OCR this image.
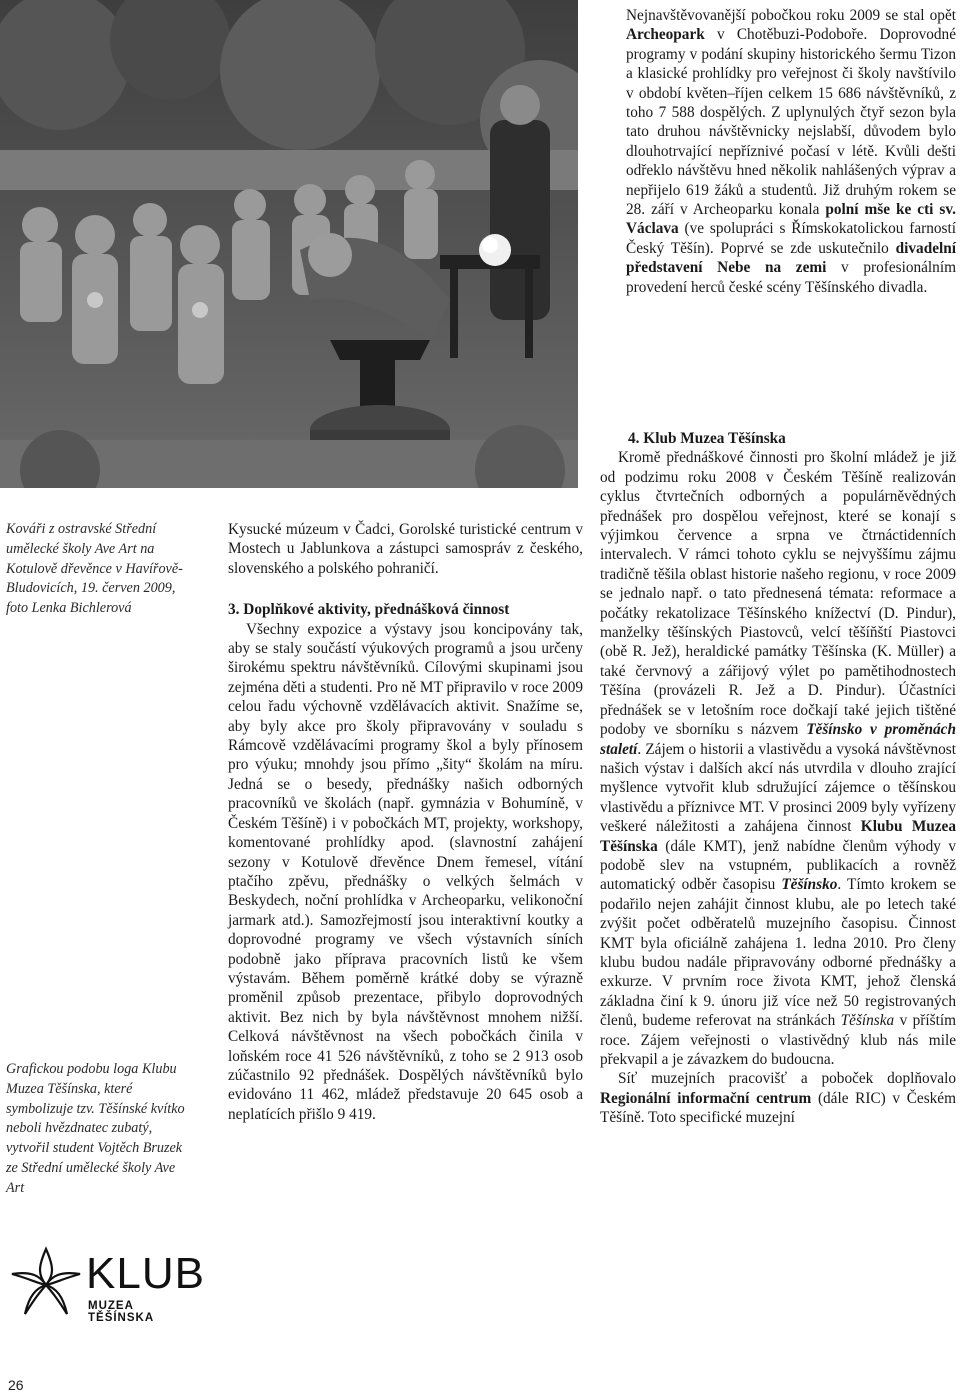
Nejnavštěvovanější pobočkou roku 2009 se stal opět Archeopark v Chotěbuzi-Podoboře. Doprovodné programy v podání skupiny historického šermu Tizon a klasické prohlídky pro veřejnost či školy navštívilo v období květen–říjen celkem 15 686 návštěvníků, z toho 7 588 dospělých. Z uplynulých čtyř sezon byla tato druhou návštěvnicky nejslabší, důvodem bylo dlouhotrvající nepříznivé počasí v létě. Kvůli dešti odřeklo návštěvu hned několik nahlášených výprav a nepřijelo 619 žáků a studentů. Již druhým rokem se 28. září v Archeoparku konala polní mše ke cti sv. Václava (ve spolupráci s Římskokatolickou farností Český Těšín). Poprvé se zde uskutečnilo divadelní představení Nebe na zemi v profesionálním provedení herců české scény Těšínského divadla.

Kováři z ostravské Střední umělecké školy Ave Art na Kotulově dřevěnce v Havířově-Bludovicích, 19. červen 2009, foto Lenka Bichlerová

Grafickou podobu loga Klubu Muzea Těšínska, které symbolizuje tzv. Těšínské kvítko neboli hvězdnatec zubatý, vytvořil student Vojtěch Bruzek ze Střední umělecké školy Ave Art

KLUB
MUZEA TĚŠÍNSKA

Kysucké múzeum v Čadci, Gorolské turistické centrum v Mostech u Jablunkova a zástupci samospráv z českého, slovenského a polského pohraničí.

3. Doplňkové aktivity, přednášková činnost

Všechny expozice a výstavy jsou koncipovány tak, aby se staly součástí výukových programů a jsou určeny širokému spektru návštěvníků. Cílovými skupinami jsou zejména děti a studenti. Pro ně MT připravilo v roce 2009 celou řadu výchovně vzdělávacích aktivit. Snažíme se, aby byly akce pro školy připravovány v souladu s Rámcově vzdělávacími programy škol a byly přínosem pro výuku; mnohdy jsou přímo „šity“ školám na míru. Jedná se o besedy, přednášky našich odborných pracovníků ve školách (např. gymnázia v Bohumíně, v Českém Těšíně) i v pobočkách MT, projekty, workshopy, komentované prohlídky apod. (slavnostní zahájení sezony v Kotulově dřevěnce Dnem řemesel, vítání ptačího zpěvu, přednášky o velkých šelmách v Beskydech, noční prohlídka v Archeoparku, velikonoční jarmark atd.). Samozřejmostí jsou interaktivní koutky a doprovodné programy ve všech výstavních síních podobně jako příprava pracovních listů ke všem výstavám. Během poměrně krátké doby se výrazně proměnil způsob prezentace, přibylo doprovodných aktivit. Bez nich by byla návštěvnost mnohem nižší. Celková návštěvnost na všech pobočkách činila v loňském roce 41 526 návštěvníků, z toho se 2 913 osob zúčastnilo 92 přednášek. Dospělých návštěvníků bylo evidováno 11 462, mládež představuje 20 645 osob a neplatících přišlo 9 419.

4. Klub Muzea Těšínska

Kromě přednáškové činnosti pro školní mládež je již od podzimu roku 2008 v Českém Těšíně realizován cyklus čtvrtečních odborných a populárněvědných přednášek pro dospělou veřejnost, které se konají s výjimkou července a srpna ve čtrnáctidenních intervalech. V rámci tohoto cyklu se nejvyššímu zájmu tradičně těšila oblast historie našeho regionu, v roce 2009 se jednalo např. o tato přednesená témata: reformace a počátky rekatolizace Těšínského knížectví (D. Pindur), manželky těšínských Piastovců, velcí těšíňští Piastovci (obě R. Jež), heraldické památky Těšínska (K. Müller) a také červnový a zářijový výlet po pamětihodnostech Těšína (provázeli R. Jež a D. Pindur). Účastníci přednášek se v letošním roce dočkají také jejich tištěné podoby ve sborníku s názvem Těšínsko v proměnách staletí. Zájem o historii a vlastivědu a vysoká návštěvnost našich výstav i dalších akcí nás utvrdila v dlouho zrající myšlence vytvořit klub sdružující zájemce o těšínskou vlastivědu a příznivce MT. V prosinci 2009 byly vyřízeny veškeré náležitosti a zahájena činnost Klubu Muzea Těšínska (dále KMT), jenž nabídne členům výhody v podobě slev na vstupném, publikacích a rovněž automatický odběr časopisu Těšínsko. Tímto krokem se podařilo nejen zahájit činnost klubu, ale po letech také zvýšit počet odběratelů muzejního časopisu. Činnost KMT byla oficiálně zahájena 1. ledna 2010. Pro členy klubu budou nadále připravovány odborné přednášky a exkurze. V prvním roce života KMT, jehož členská základna činí k 9. únoru již více než 50 registrovaných členů, budeme referovat na stránkách Těšínska v příštím roce. Zájem veřejnosti o vlastivědný klub nás mile překvapil a je závazkem do budoucna.

Síť muzejních pracovišť a poboček doplňovalo Regionální informační centrum (dále RIC) v Českém Těšíně. Toto specifické muzejní

26
